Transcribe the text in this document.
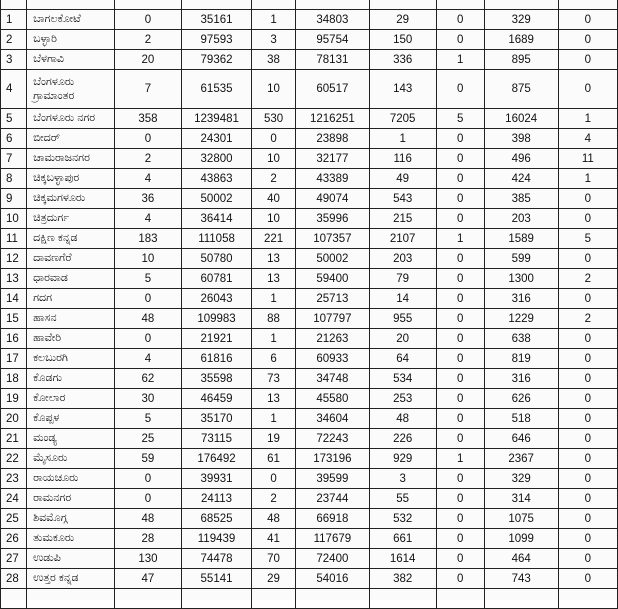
1	ಬಾಗಲಕೋಟೆ	0	35161	1	34803	29	0	329	0
2	ಬಳ್ಳಾರಿ	2	97593	3	95754	150	0	1689	0
3	ಬೆಳಗಾವಿ	20	79362	38	78131	336	1	895	0
4	ಬೆಂಗಳೂರು ಗ್ರಾಮಾಂತರ	7	61535	10	60517	143	0	875	0
5	ಬೆಂಗಳೂರು ನಗರ	358	1239481	530	1216251	7205	5	16024	1
6	ಬೀದರ್	0	24301	0	23898	1	0	398	4
7	ಚಾಮರಾಜನಗರ	2	32800	10	32177	116	0	496	11
8	ಚಿಕ್ಕಬಳ್ಳಾಪುರ	4	43863	2	43389	49	0	424	1
9	ಚಿಕ್ಕಮಗಳೂರು	36	50002	40	49074	543	0	385	0
10	ಚಿತ್ರದುರ್ಗ	4	36414	10	35996	215	0	203	0
11	ದಕ್ಷಿಣ ಕನ್ನಡ	183	111058	221	107357	2107	1	1589	5
12	ದಾವಣಗೆರೆ	10	50780	13	50002	203	0	599	0
13	ಧಾರವಾಡ	5	60781	13	59400	79	0	1300	2
14	ಗದಗ	0	26043	1	25713	14	0	316	0
15	ಹಾಸನ	48	109983	88	107797	955	0	1229	2
16	ಹಾವೇರಿ	0	21921	1	21263	20	0	638	0
17	ಕಲಬುರಗಿ	4	61816	6	60933	64	0	819	0
18	ಕೊಡಗು	62	35598	73	34748	534	0	316	0
19	ಕೋಲಾರ	30	46459	13	45580	253	0	626	0
20	ಕೊಪ್ಪಳ	5	35170	1	34604	48	0	518	0
21	ಮಂಡ್ಯ	25	73115	19	72243	226	0	646	0
22	ಮೈಸೂರು	59	176492	61	173196	929	1	2367	0
23	ರಾಯಚೂರು	0	39931	0	39599	3	0	329	0
24	ರಾಮನಗರ	0	24113	2	23744	55	0	314	0
25	ಶಿವಮೊಗ್ಗ	48	68525	48	66918	532	0	1075	0
26	ತುಮಕೂರು	28	119439	41	117679	661	0	1099	0
27	ಉಡುಪಿ	130	74478	70	72400	1614	0	464	0
28	ಉತ್ತರ ಕನ್ನಡ	47	55141	29	54016	382	0	743	0
